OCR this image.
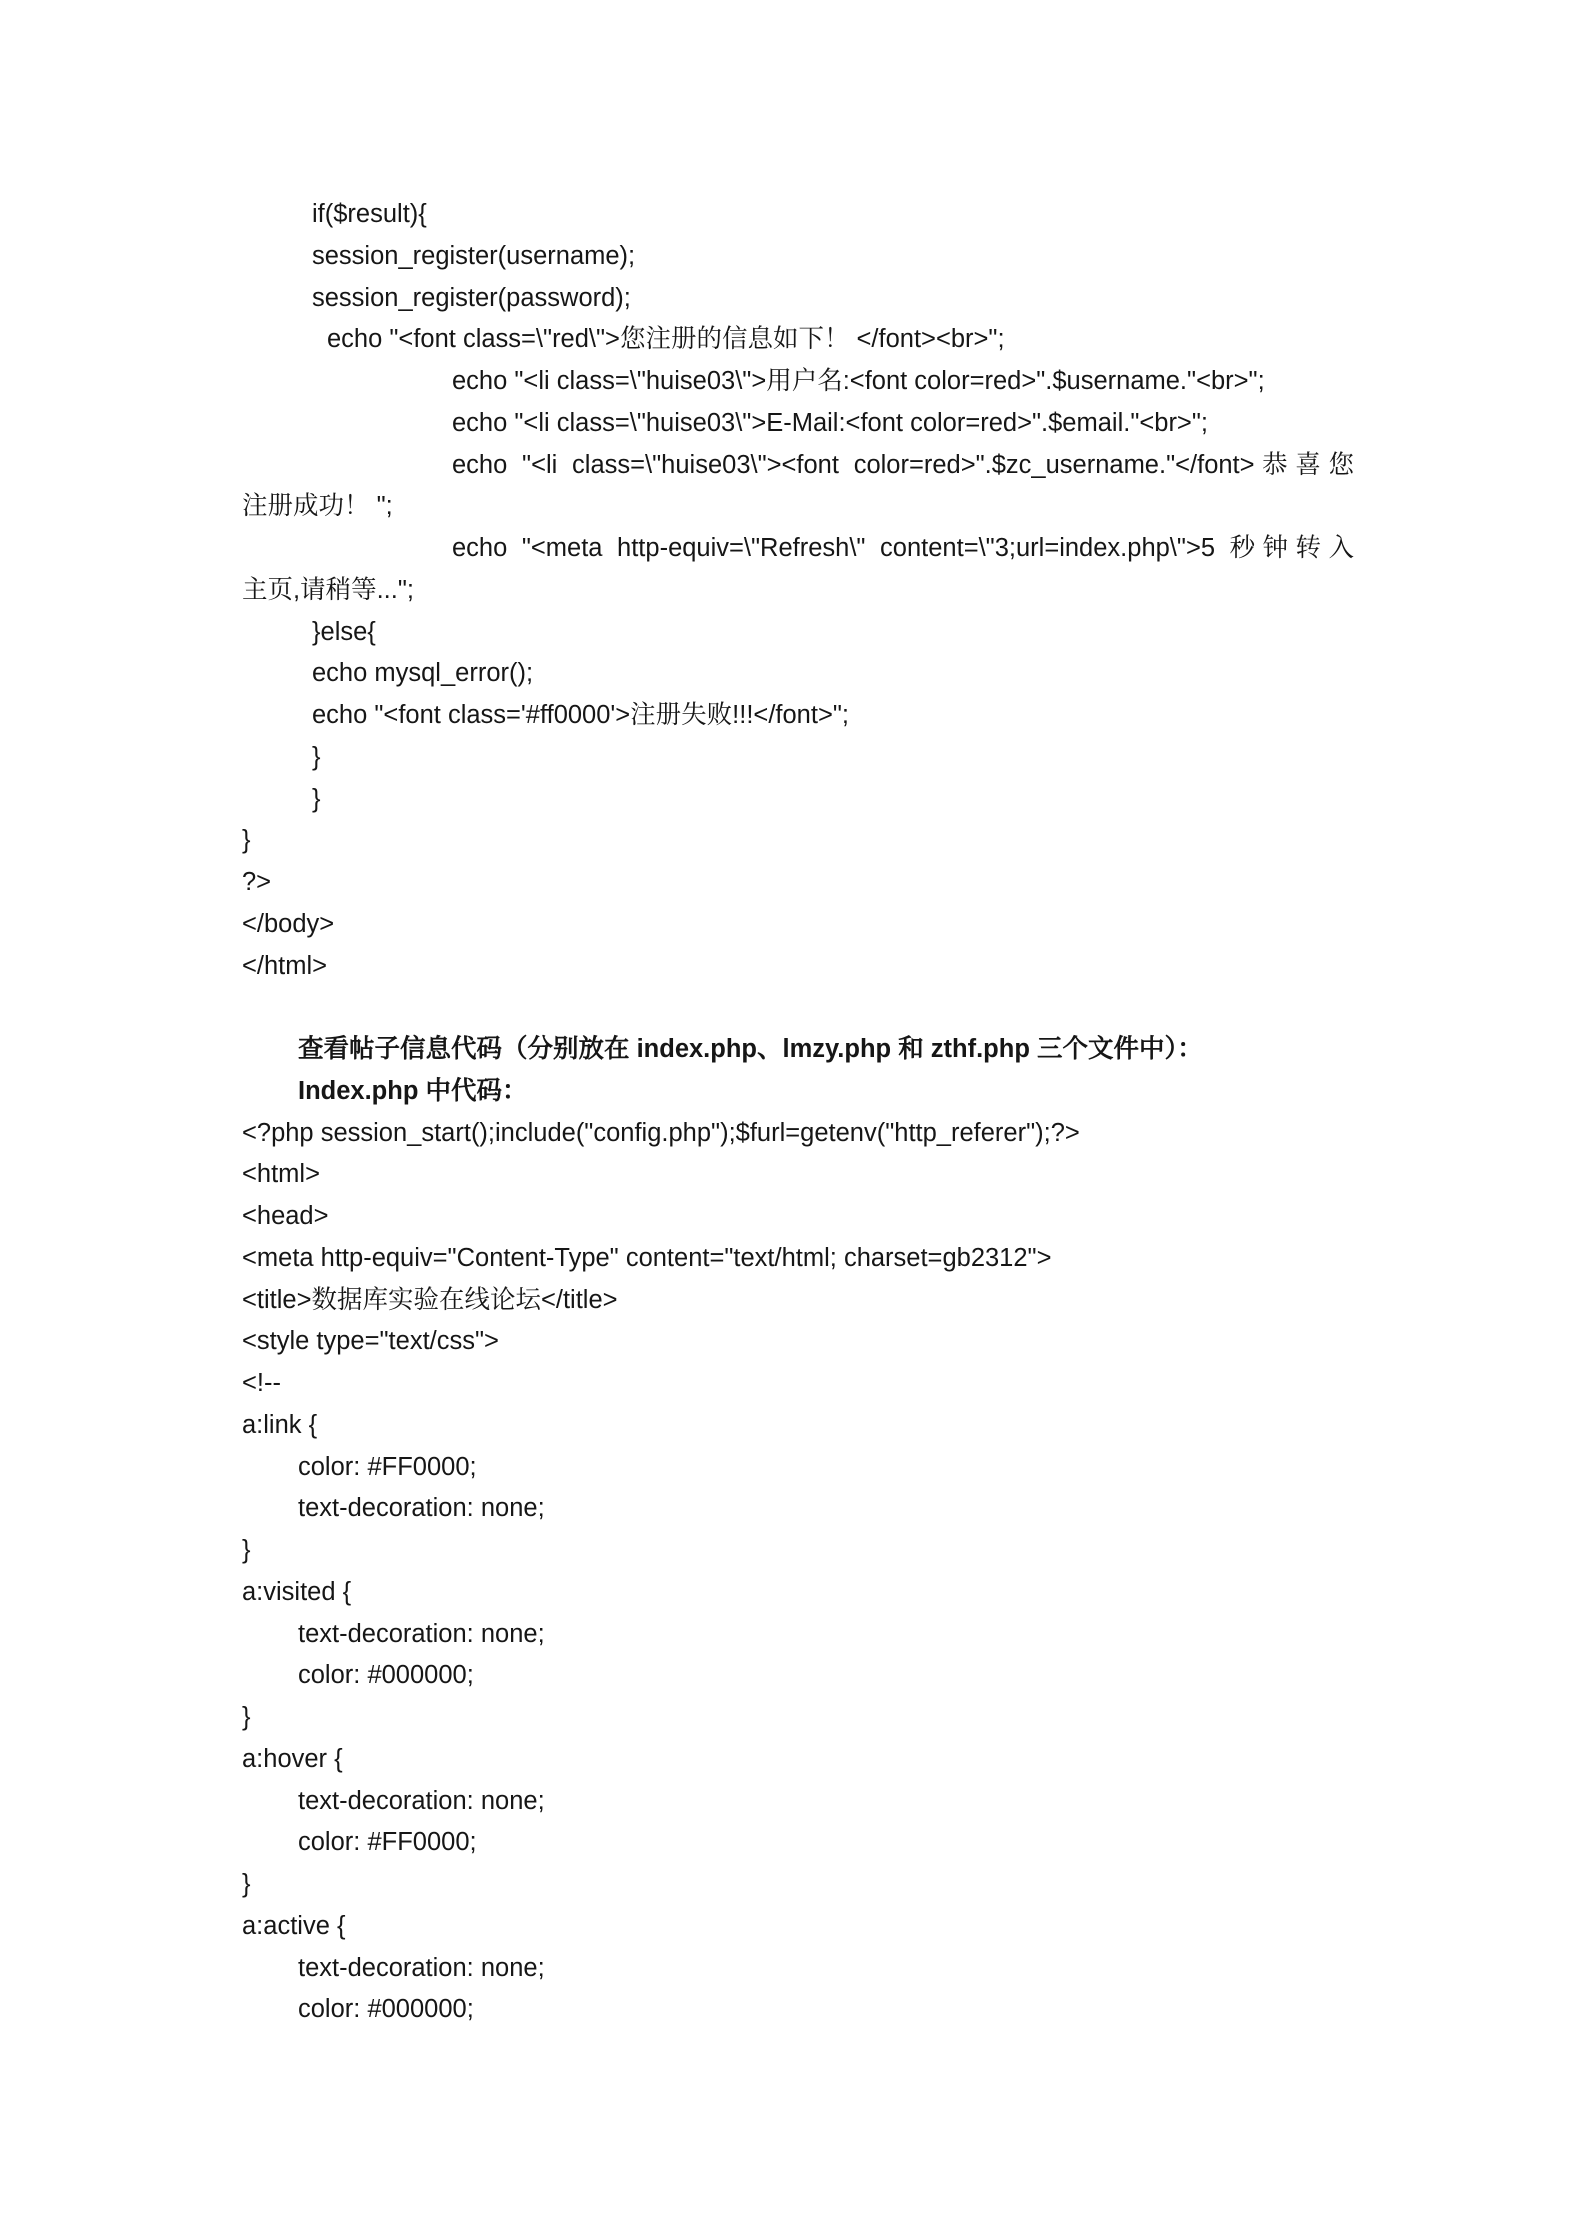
if($result){
session_register(username);
session_register(password);
echo "<font class=\"red\">您注册的信息如下！ </font><br>";
echo "<li class=\"huise03\">用户名:<font color=red>".$username."<br>";
echo "<li class=\"huise03\">E-Mail:<font color=red>".$email."<br>";
echo "<li class=\"huise03\"><font color=red>".$zc_username."</font>恭喜您
注册成功！ ";
echo "<meta http-equiv=\"Refresh\" content=\"3;url=index.php\">5 秒钟转入
主页,请稍等...";
}else{
echo mysql_error();
echo "<font class='#ff0000'>注册失败!!!</font>";
}
}
}
?>
</body>
</html>
查看帖子信息代码（分别放在 index.php、lmzy.php 和 zthf.php 三个文件中）：
Index.php 中代码：
<?php session_start();include("config.php");$furl=getenv("http_referer");?>
<html>
<head>
<meta http-equiv="Content-Type" content="text/html; charset=gb2312">
<title>数据库实验在线论坛</title>
<style type="text/css">
<!--
a:link {
color: #FF0000;
text-decoration: none;
}
a:visited {
text-decoration: none;
color: #000000;
}
a:hover {
text-decoration: none;
color: #FF0000;
}
a:active {
text-decoration: none;
color: #000000;
